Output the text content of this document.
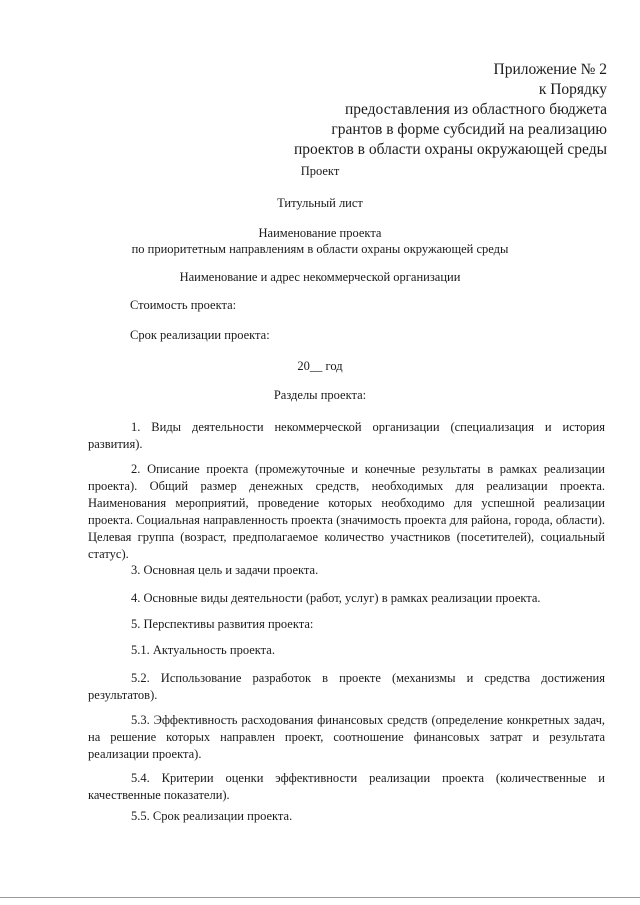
Приложение № 2
к Порядку
предоставления из областного бюджета
грантов в форме субсидий на реализацию
проектов в области охраны окружающей среды
Проект
Титульный лист
Наименование проекта
по приоритетным направлениям в области охраны окружающей среды
Наименование и адрес некоммерческой организации
Стоимость проекта:
Срок реализации проекта:
20__ год
Разделы проекта:
1. Виды деятельности некоммерческой организации (специализация и история развития).
2. Описание проекта (промежуточные и конечные результаты в рамках реализации проекта). Общий размер денежных средств, необходимых для реализации проекта. Наименования мероприятий, проведение которых необходимо для успешной реализации проекта. Социальная направленность проекта (значимость проекта для района, города, области). Целевая группа (возраст, предполагаемое количество участников (посетителей), социальный статус).
3. Основная цель и задачи проекта.
4. Основные виды деятельности (работ, услуг) в рамках реализации проекта.
5. Перспективы развития проекта:
5.1. Актуальность проекта.
5.2. Использование разработок в проекте (механизмы и средства достижения результатов).
5.3. Эффективность расходования финансовых средств (определение конкретных задач, на решение которых направлен проект, соотношение финансовых затрат и результата реализации проекта).
5.4. Критерии оценки эффективности реализации проекта (количественные и качественные показатели).
5.5. Срок реализации проекта.
